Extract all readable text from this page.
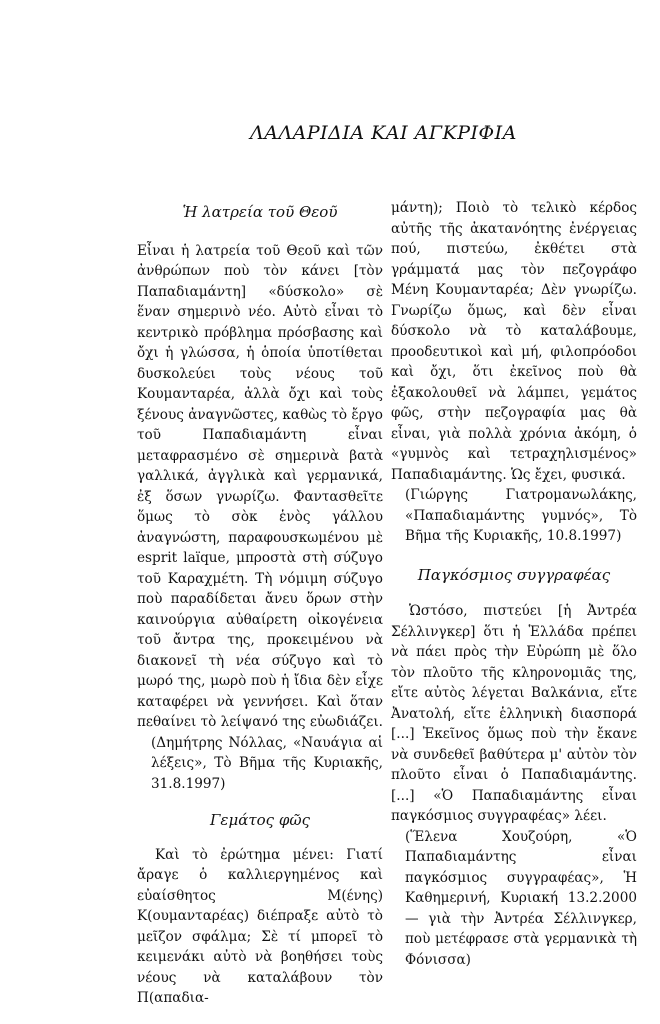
ΛΑΛΑΡΙΔΙΑ ΚΑΙ ΑΓΚΡΙΦΙΑ

Ἡ λατρεία τοῦ Θεοῦ

Εἶναι ἡ λατρεία τοῦ Θεοῦ καὶ τῶν ἀνθρώπων ποὺ τὸν κάνει [τὸν Παπαδιαμάντη] «δύσκολο» σὲ ἕναν σημερινὸ νέο. Αὐτὸ εἶναι τὸ κεντρικὸ πρόβλημα πρόσβασης καὶ ὄχι ἡ γλώσσα, ἡ ὁποία ὑποτίθεται δυσκολεύει τοὺς νέους τοῦ Κουμανταρέα, ἀλλὰ ὄχι καὶ τοὺς ξένους ἀναγνῶστες, καθὼς τὸ ἔργο τοῦ Παπαδιαμάντη εἶναι μεταφρασμένο σὲ σημερινὰ βατὰ γαλλικά, ἀγγλικὰ καὶ γερμανικά, ἐξ ὅσων γνωρίζω. Φαντασθεῖτε ὅμως τὸ σὸκ ἑνὸς γάλλου ἀναγνώστη, παραφουσκωμένου μὲ esprit laïque, μπροστὰ στὴ σύζυγο τοῦ Καραχμέτη. Τὴ νόμιμη σύζυγο ποὺ παραδίδεται ἄνευ ὅρων στὴν καινούργια αὐθαίρετη οἰκογένεια τοῦ ἄντρα της, προκειμένου νὰ διακονεῖ τὴ νέα σύζυγο καὶ τὸ μωρό της, μωρὸ ποὺ ἡ ἴδια δὲν εἶχε καταφέρει νὰ γεννήσει. Καὶ ὅταν πεθαίνει τὸ λείψανό της εὐωδιάζει.

(Δημήτρης Νόλλας, «Ναυάγια αἱ λέξεις», Τὸ Βῆμα τῆς Κυριακῆς, 31.8.1997)

Γεμάτος φῶς

Καὶ τὸ ἐρώτημα μένει: Γιατί ἄραγε ὁ καλλιεργημένος καὶ εὐαίσθητος Μ(ένης) Κ(ουμανταρέας) διέπραξε αὐτὸ τὸ μεῖζον σφάλμα; Σὲ τί μπορεῖ τὸ κειμενάκι αὐτὸ νὰ βοηθήσει τοὺς νέους νὰ καταλάβουν τὸν Π(απαδια-

μάντη); Ποιὸ τὸ τελικὸ κέρδος αὐτῆς τῆς ἀκατανόητης ἐνέργειας πού, πιστεύω, ἐκθέτει στὰ γράμματά μας τὸν πεζογράφο Μένη Κουμανταρέα; Δὲν γνωρίζω. Γνωρίζω ὅμως, καὶ δὲν εἶναι δύσκολο νὰ τὸ καταλάβουμε, προοδευτικοὶ καὶ μή, φιλοπρόοδοι καὶ ὄχι, ὅτι ἐκεῖνος ποὺ θὰ ἐξακολουθεῖ νὰ λάμπει, γεμάτος φῶς, στὴν πεζογραφία μας θὰ εἶναι, γιὰ πολλὰ χρόνια ἀκόμη, ὁ «γυμνὸς καὶ τετραχηλισμένος» Παπαδιαμάντης. Ὡς ἔχει, φυσικά.

(Γιώργης Γιατρομανωλάκης, «Παπαδιαμάντης γυμνός», Τὸ Βῆμα τῆς Κυριακῆς, 10.8.1997)

Παγκόσμιος συγγραφέας

Ὡστόσο, πιστεύει [ἡ Ἀντρέα Σέλλινγκερ] ὅτι ἡ Ἑλλάδα πρέπει νὰ πάει πρὸς τὴν Εὐρώπη μὲ ὅλο τὸν πλοῦτο τῆς κληρονομιᾶς της, εἴτε αὐτὸς λέγεται Βαλκάνια, εἴτε Ἀνατολή, εἴτε ἑλληνικὴ διασπορά [...] Ἐκεῖνος ὅμως ποὺ τὴν ἔκανε νὰ συνδεθεῖ βαθύτερα μ' αὐτὸν τὸν πλοῦτο εἶναι ὁ Παπαδιαμάντης. [...] «Ὁ Παπαδιαμάντης εἶναι παγκόσμιος συγγραφέας» λέει.

(Ἕλενα Χουζούρη, «Ὁ Παπαδιαμάντης εἶναι παγκόσμιος συγγραφέας», Ἡ Καθημερινή, Κυριακή 13.2.2000 — γιὰ τὴν Ἀντρέα Σέλλινγκερ, ποὺ μετέφρασε στὰ γερμανικὰ τὴ Φόνισσα)
